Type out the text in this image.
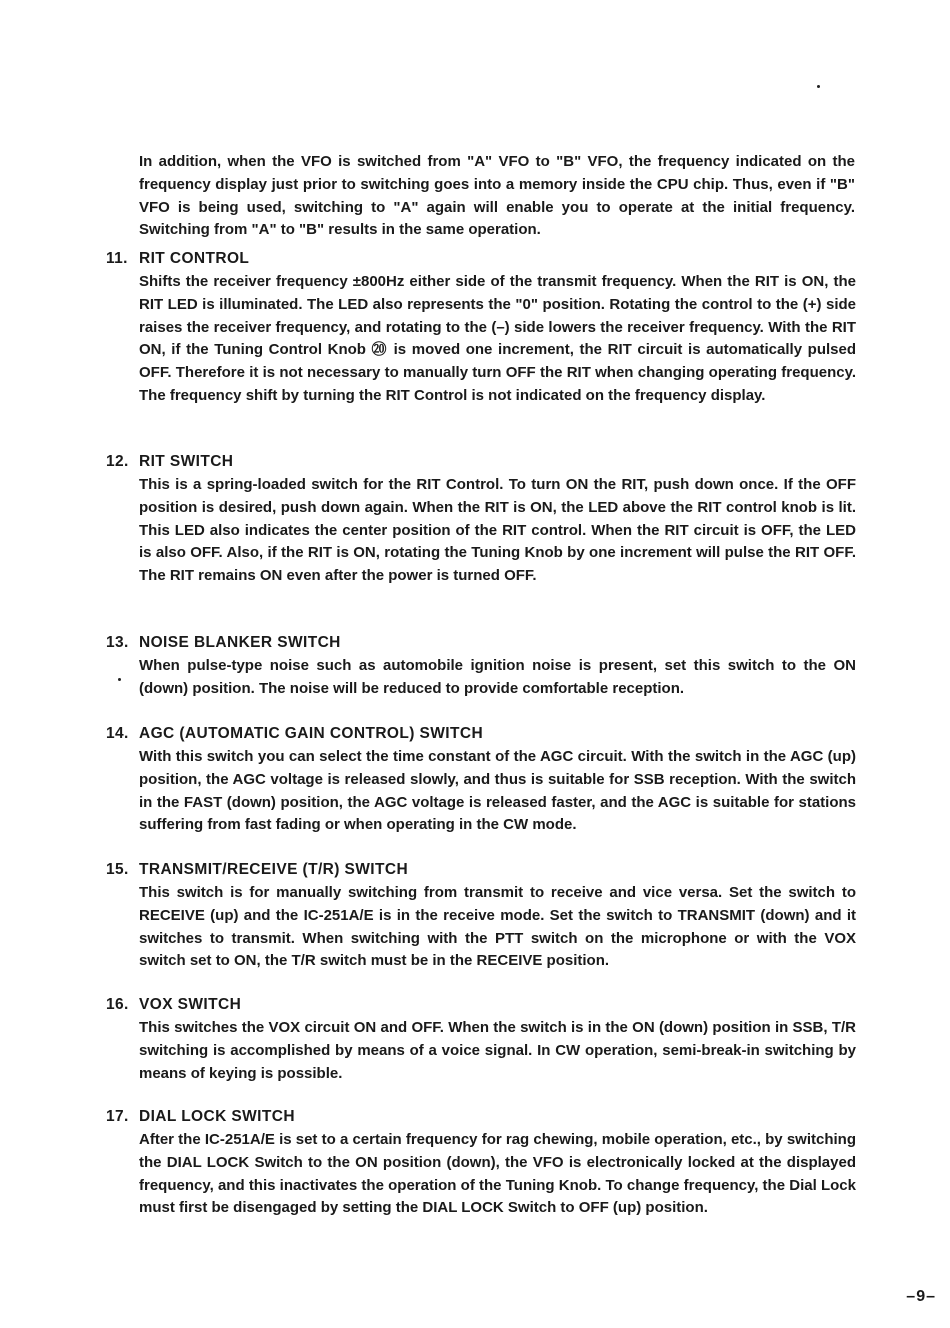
In addition, when the VFO is switched from "A" VFO to "B" VFO, the frequency indicated on the frequency display just prior to switching goes into a memory inside the CPU chip. Thus, even if "B" VFO is being used, switching to "A" again will enable you to operate at the initial frequency. Switching from "A" to "B" results in the same operation.

11. RIT CONTROL
Shifts the receiver frequency ±800Hz either side of the transmit frequency. When the RIT is ON, the RIT LED is illuminated. The LED also represents the "0" position. Rotating the control to the (+) side raises the receiver frequency, and rotating to the (–) side lowers the receiver frequency. With the RIT ON, if the Tuning Control Knob ⑳ is moved one increment, the RIT circuit is automatically pulsed OFF. Therefore it is not necessary to manually turn OFF the RIT when changing operating frequency. The frequency shift by turning the RIT Control is not indicated on the frequency display.
12. RIT SWITCH
This is a spring-loaded switch for the RIT Control. To turn ON the RIT, push down once. If the OFF position is desired, push down again. When the RIT is ON, the LED above the RIT control knob is lit. This LED also indicates the center position of the RIT control. When the RIT circuit is OFF, the LED is also OFF. Also, if the RIT is ON, rotating the Tuning Knob by one increment will pulse the RIT OFF. The RIT remains ON even after the power is turned OFF.
13. NOISE BLANKER SWITCH
When pulse-type noise such as automobile ignition noise is present, set this switch to the ON (down) position. The noise will be reduced to provide comfortable reception.
14. AGC (AUTOMATIC GAIN CONTROL) SWITCH
With this switch you can select the time constant of the AGC circuit. With the switch in the AGC (up) position, the AGC voltage is released slowly, and thus is suitable for SSB reception. With the switch in the FAST (down) position, the AGC voltage is released faster, and the AGC is suitable for stations suffering from fast fading or when operating in the CW mode.
15. TRANSMIT/RECEIVE (T/R) SWITCH
This switch is for manually switching from transmit to receive and vice versa. Set the switch to RECEIVE (up) and the IC-251A/E is in the receive mode. Set the switch to TRANSMIT (down) and it switches to transmit. When switching with the PTT switch on the microphone or with the VOX switch set to ON, the T/R switch must be in the RECEIVE position.
16. VOX SWITCH
This switches the VOX circuit ON and OFF. When the switch is in the ON (down) position in SSB, T/R switching is accomplished by means of a voice signal. In CW operation, semi-break-in switching by means of keying is possible.
17. DIAL LOCK SWITCH
After the IC-251A/E is set to a certain frequency for rag chewing, mobile operation, etc., by switching the DIAL LOCK Switch to the ON position (down), the VFO is electronically locked at the displayed frequency, and this inactivates the operation of the Tuning Knob. To change frequency, the Dial Lock must first be disengaged by setting the DIAL LOCK Switch to OFF (up) position.
–9–
